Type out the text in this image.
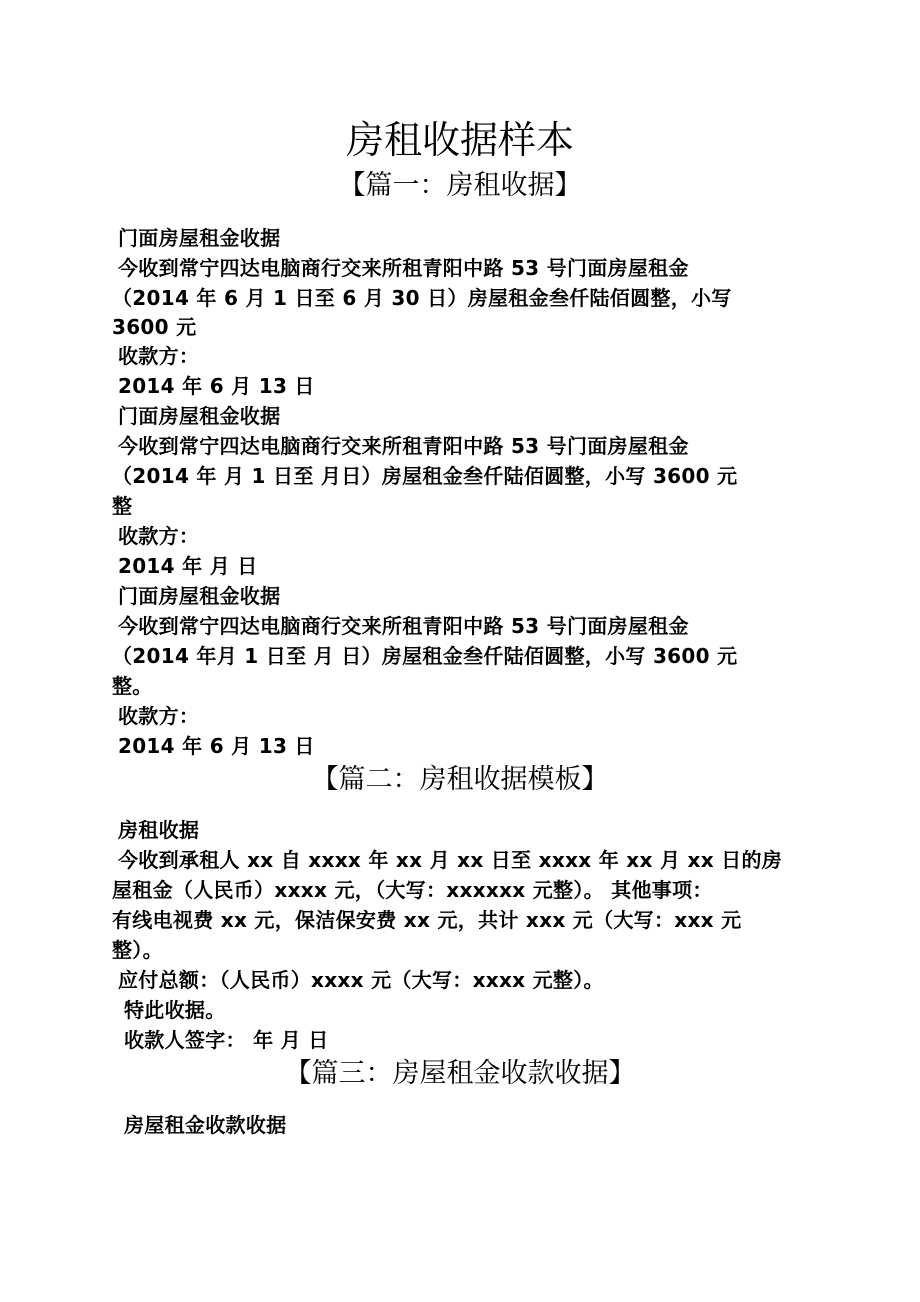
房租收据样本
【篇一：房租收据】
门面房屋租金收据
今收到常宁四达电脑商行交来所租青阳中路 53 号门面房屋租金
（2014 年 6 月 1 日至 6 月 30 日）房屋租金叁仟陆佰圆整，小写
3600 元
收款方：
2014 年 6 月 13 日
门面房屋租金收据
今收到常宁四达电脑商行交来所租青阳中路 53 号门面房屋租金
（2014 年 月 1 日至 月日）房屋租金叁仟陆佰圆整，小写 3600 元
整
收款方：
2014 年 月 日
门面房屋租金收据
今收到常宁四达电脑商行交来所租青阳中路 53 号门面房屋租金
（2014 年月 1 日至 月 日）房屋租金叁仟陆佰圆整，小写 3600 元
整。
收款方：
2014 年 6 月 13 日
【篇二：房租收据模板】
房租收据
今收到承租人 xx 自 xxxx 年 xx 月 xx 日至 xxxx 年 xx 月 xx 日的房
屋租金（人民币）xxxx 元，（大写：xxxxxx 元整）。 其他事项：
有线电视费 xx 元，保洁保安费 xx 元，共计 xxx 元（大写：xxx 元
整）。
应付总额：（人民币）xxxx 元（大写：xxxx 元整）。
特此收据。
收款人签字： 年 月 日
【篇三：房屋租金收款收据】
房屋租金收款收据
